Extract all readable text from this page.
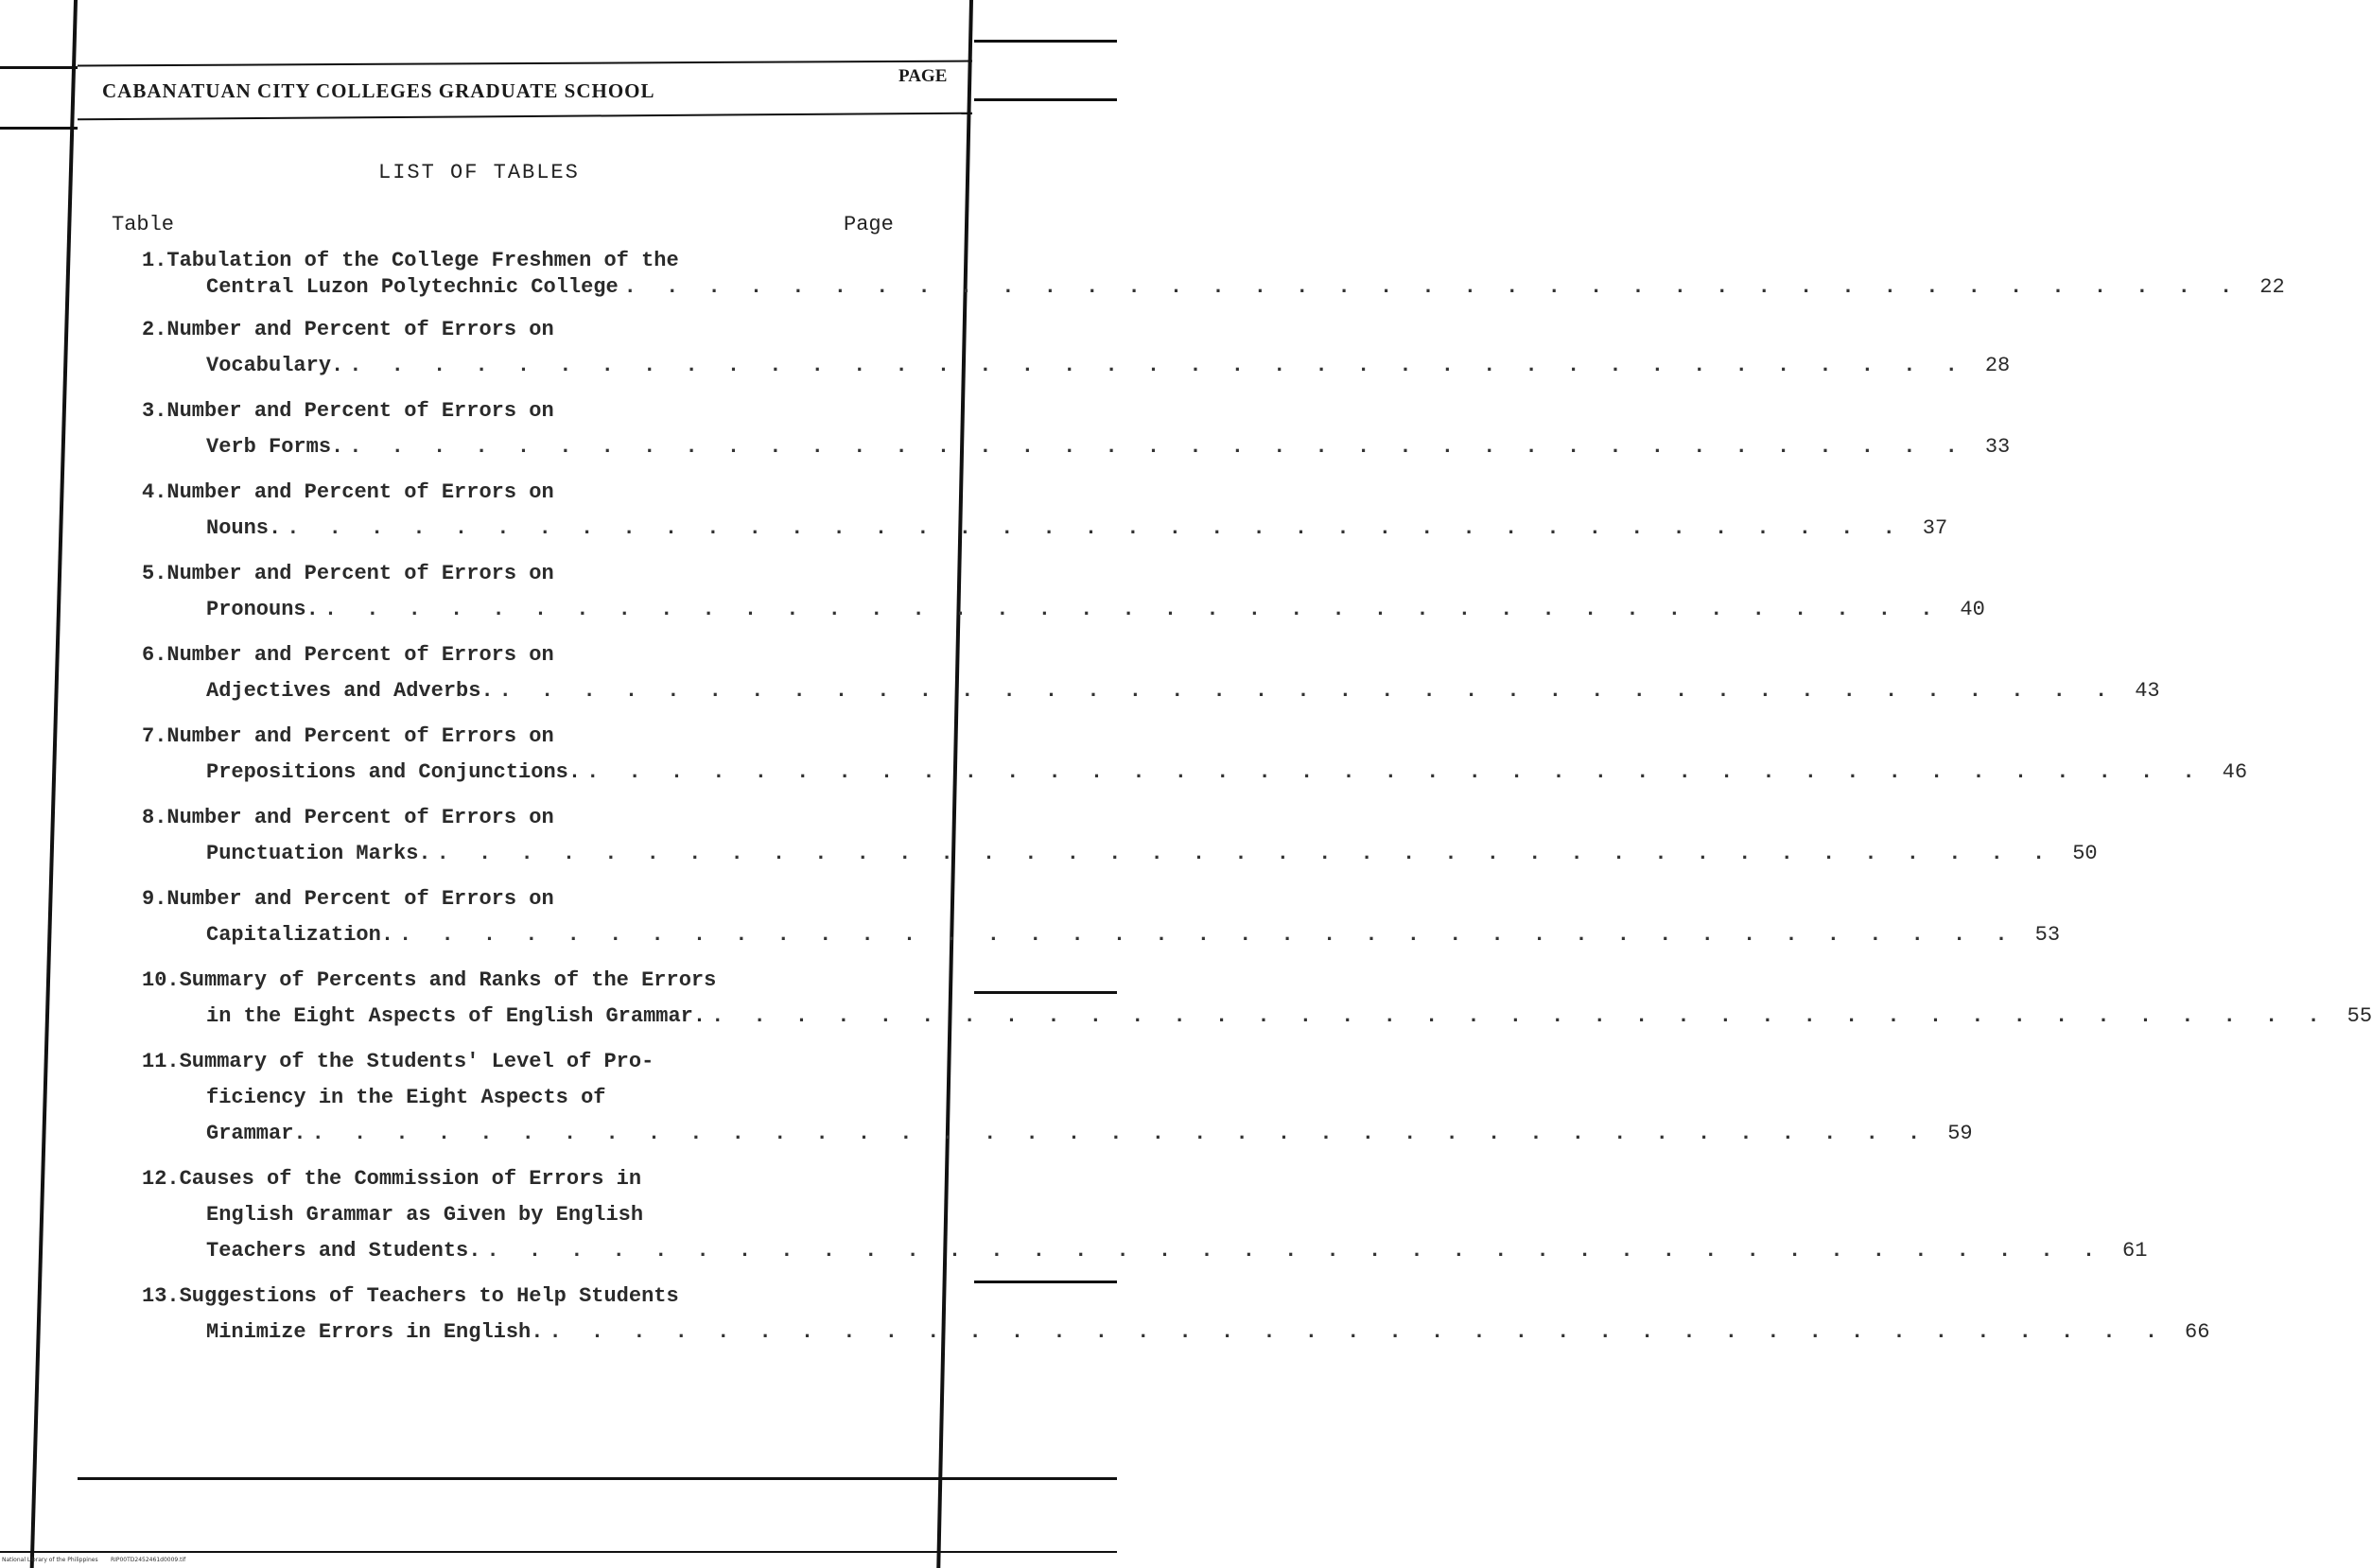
CABANATUAN CITY COLLEGES GRADUATE SCHOOL
PAGE
LIST OF TABLES
Table	Page
1.Tabulation of the College Freshmen of the
Central Luzon Polytechnic College . . . . . . . . . . . . . . . . . . . . . . . . . . . . . . . . . . . . . . . 22
2.Number and Percent of Errors on
Vocabulary. . . . . . . . . . . . . . . . . . . . . . . . . . . . . . . . . . . . . . . . 28
3.Number and Percent of Errors on
Verb Forms. . . . . . . . . . . . . . . . . . . . . . . . . . . . . . . . . . . . . . . . 33
4.Number and Percent of Errors on
Nouns. . . . . . . . . . . . . . . . . . . . . . . . . . . . . . . . . . . . . . . . 37
5.Number and Percent of Errors on
Pronouns. . . . . . . . . . . . . . . . . . . . . . . . . . . . . . . . . . . . . . . . 40
6.Number and Percent of Errors on
Adjectives and Adverbs. . . . . . . . . . . . . . . . . . . . . . . . . . . . . . . . . . . . . . . . 43
7.Number and Percent of Errors on
Prepositions and Conjunctions. . . . . . . . . . . . . . . . . . . . . . . . . . . . . . . . . . . . . . . . 46
8.Number and Percent of Errors on
Punctuation Marks. . . . . . . . . . . . . . . . . . . . . . . . . . . . . . . . . . . . . . . . 50
9.Number and Percent of Errors on
Capitalization. . . . . . . . . . . . . . . . . . . . . . . . . . . . . . . . . . . . . . . . 53
10.Summary of Percents and Ranks of the Errors
in the Eight Aspects of English Grammar. . . . . . . . . . . . . . . . . . . . . . . . . . . . . . . . . . . . . . . . 55
11.Summary of the Students' Level of Pro-
ficiency in the Eight Aspects of
Grammar. . . . . . . . . . . . . . . . . . . . . . . . . . . . . . . . . . . . . . . . 59
12.Causes of the Commission of Errors in
English Grammar as Given by English
Teachers and Students. . . . . . . . . . . . . . . . . . . . . . . . . . . . . . . . . . . . . . . . 61
13.Suggestions of Teachers to Help Students
Minimize Errors in English. . . . . . . . . . . . . . . . . . . . . . . . . . . . . . . . . . . . . . . . 66
National Library of the Philippines RIP00TD2452461d0009.tif
